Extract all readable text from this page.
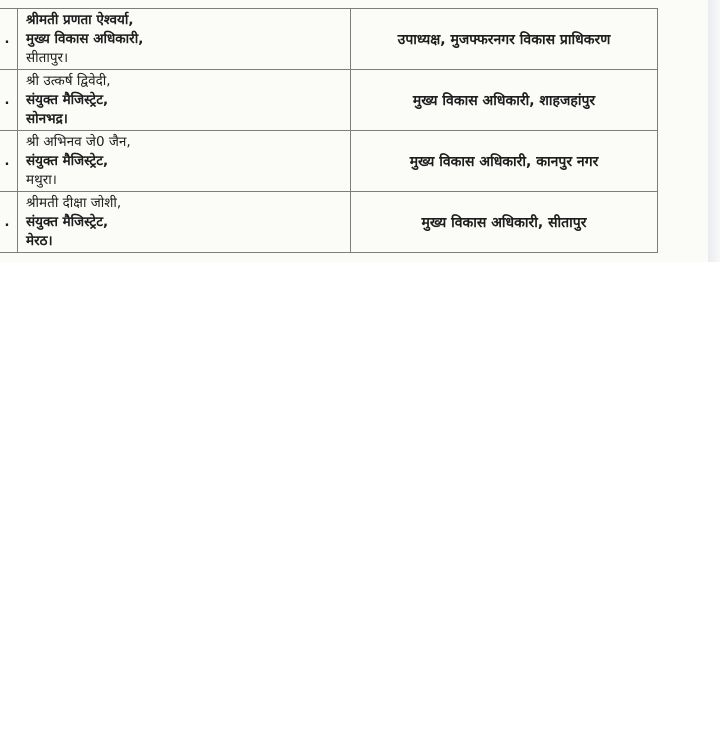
.	श्रीमती प्रणता ऐश्वर्या,
मुख्य विकास अधिकारी,
सीतापुर।	उपाध्यक्ष, मुजफ्फरनगर विकास प्राधिकरण
.	श्री उत्कर्ष द्विवेदी,
संयुक्त मैजिस्ट्रेट,
सोनभद्र।	मुख्य विकास अधिकारी, शाहजहांपुर
.	श्री अभिनव जे0 जैन,
संयुक्त मैजिस्ट्रेट,
मथुरा।	मुख्य विकास अधिकारी, कानपुर नगर
.	श्रीमती दीक्षा जोशी,
संयुक्त मैजिस्ट्रेट,
मेरठ।	मुख्य विकास अधिकारी, सीतापुर
